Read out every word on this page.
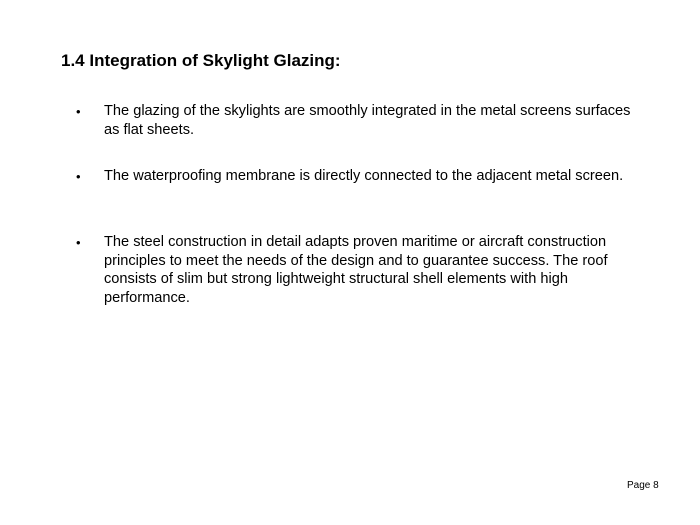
1.4 Integration of Skylight Glazing:
• The glazing of the skylights are smoothly integrated in the metal screens surfaces as flat sheets.
• The waterproofing membrane is directly connected to the adjacent metal screen.
• The steel construction in detail adapts proven maritime or aircraft construction principles to meet the needs of the design and to guarantee success. The roof consists of slim but strong lightweight structural shell elements with high performance.
Page 8
